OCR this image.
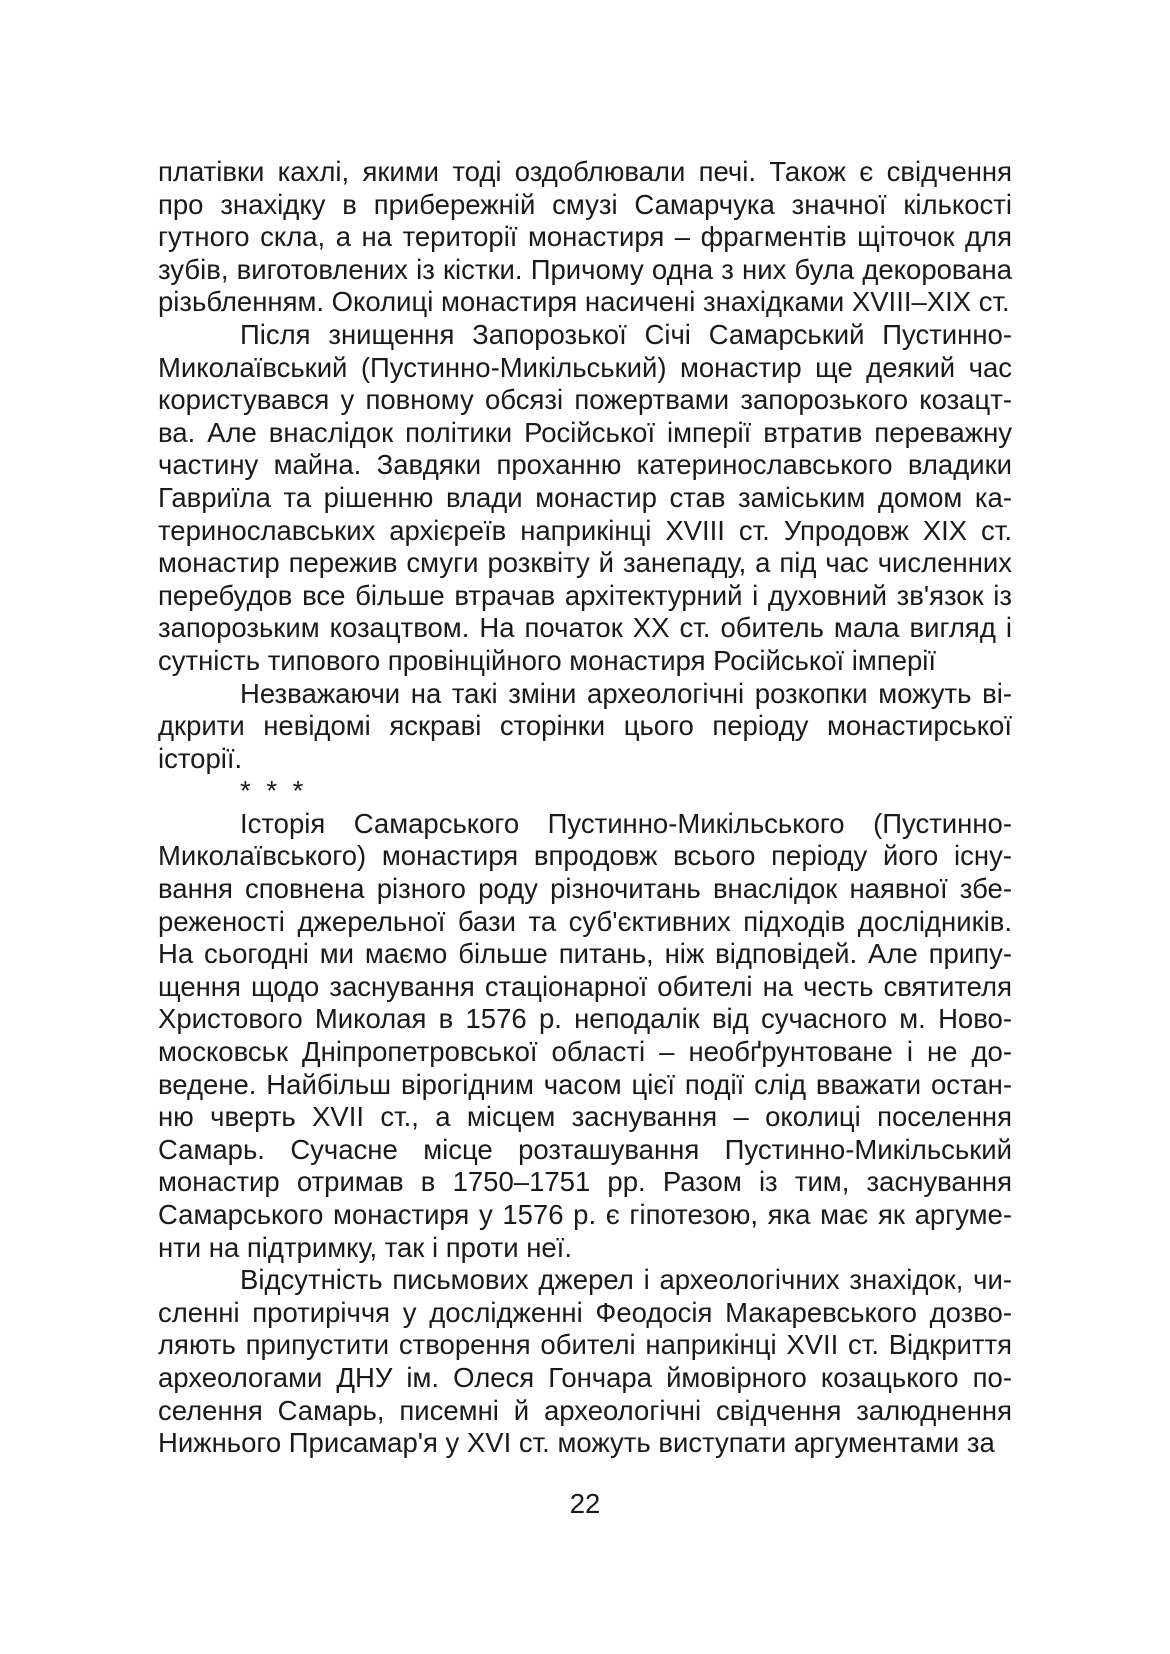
платівки кахлі, якими тоді оздоблювали печі. Також є свідчення про знахідку в прибережній смузі Самарчука значної кількості гутного скла, а на території монастиря – фрагментів щіточок для зубів, виготовлених із кістки. Причому одна з них була декорована різьбленням. Околиці монастиря насичені знахідками XVIII–XIX ст.

Після знищення Запорозької Січі Самарський Пустинно-Миколаївський (Пустинно-Микільський) монастир ще деякий час користувався у повному обсязі пожертвами запорозького козацтва. Але внаслідок політики Російської імперії втратив переважну частину майна. Завдяки проханню катеринославського владики Гавриїла та рішенню влади монастир став заміським домом катеринославських архієреїв наприкінці XVIII ст. Упродовж XIX ст. монастир пережив смуги розквіту й занепаду, а під час численних перебудов все більше втрачав архітектурний і духовний зв'язок із запорозьким козацтвом. На початок XX ст. обитель мала вигляд і сутність типового провінційного монастиря Російської імперії

Незважаючи на такі зміни археологічні розкопки можуть відкрити невідомі яскраві сторінки цього періоду монастирської історії.

* * *

Історія Самарського Пустинно-Микільського (Пустинно-Миколаївського) монастиря впродовж всього періоду його існування сповнена різного роду різночитань внаслідок наявної збереженості джерельної бази та суб'єктивних підходів дослідників. На сьогодні ми маємо більше питань, ніж відповідей. Але припущення щодо заснування стаціонарної обителі на честь святителя Христового Миколая в 1576 р. неподалік від сучасного м. Новомосковськ Дніпропетровської області – необґрунтоване і не доведене. Найбільш вірогідним часом цієї події слід вважати останню чверть XVII ст., а місцем заснування – околиці поселення Самарь. Сучасне місце розташування Пустинно-Микільський монастир отримав в 1750–1751 рр. Разом із тим, заснування Самарського монастиря у 1576 р. є гіпотезою, яка має як аргументи на підтримку, так і проти неї.

Відсутність письмових джерел і археологічних знахідок, численні протиріччя у дослідженні Феодосія Макаревського дозволяють припустити створення обителі наприкінці XVII ст. Відкриття археологами ДНУ ім. Олеся Гончара ймовірного козацького поселення Самарь, писемні й археологічні свідчення залюднення Нижнього Присамар'я у XVI ст. можуть виступати аргументами за

22
